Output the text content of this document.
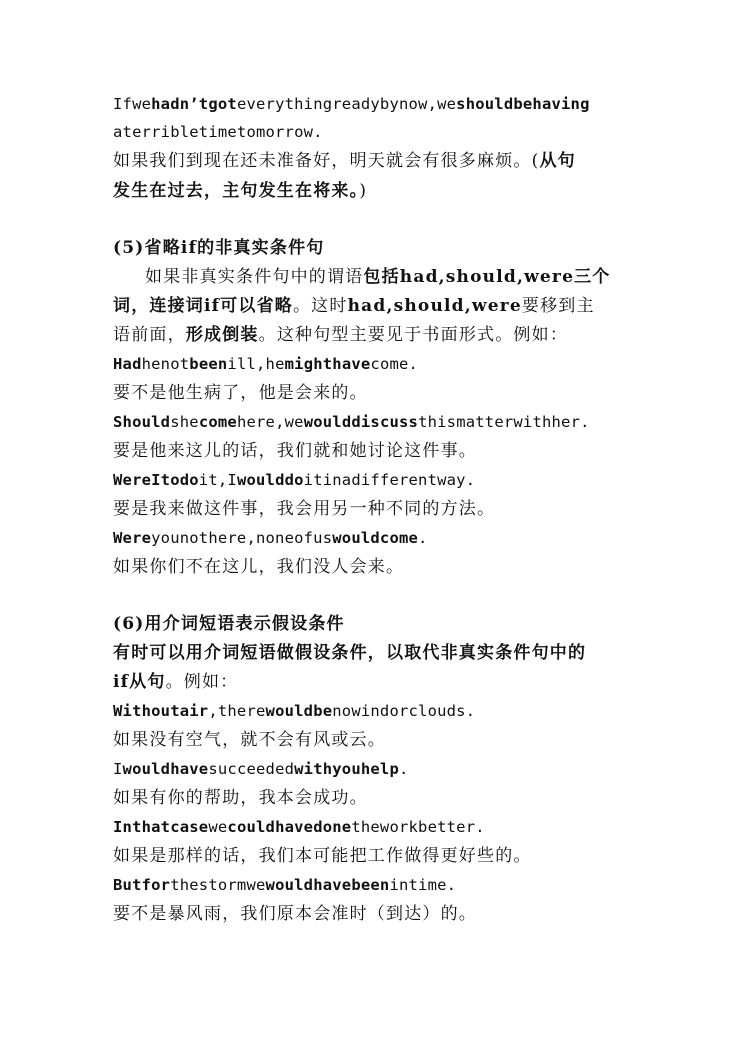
Ifwehadn’tgoteverythingreadybynow,weshouldbehaving
aterribletimetomorrow.
如果我们到现在还未准备好，明天就会有很多麻烦。(从句
发生在过去，主句发生在将来。)
(5)省略if的非真实条件句
如果非真实条件句中的谓语包括had,should,were三个
词，连接词if可以省略。这时had,should,were要移到主
语前面，形成倒装。这种句型主要见于书面形式。例如：
Hadhenotbeenill,hemighthavecome.
要不是他生病了，他是会来的。
Shouldshecomehere,wewoulddiscussthismatterwithher.
要是他来这儿的话，我们就和她讨论这件事。
WereItodoit,Iwoulddoitinadifferentway.
要是我来做这件事，我会用另一种不同的方法。
Wereyounothere,noneofuswouldcome.
如果你们不在这儿，我们没人会来。
(6)用介词短语表示假设条件
有时可以用介词短语做假设条件，以取代非真实条件句中的
if从句。例如：
Withoutair,therewouldbenowindorclouds.
如果没有空气，就不会有风或云。
Iwouldhavesucceededwithyouhelp.
如果有你的帮助，我本会成功。
Inthatcasewecouldhavedonetheworkbetter.
如果是那样的话，我们本可能把工作做得更好些的。
Butforthestormwewouldhavebeenintime.
要不是暴风雨，我们原本会准时（到达）的。
